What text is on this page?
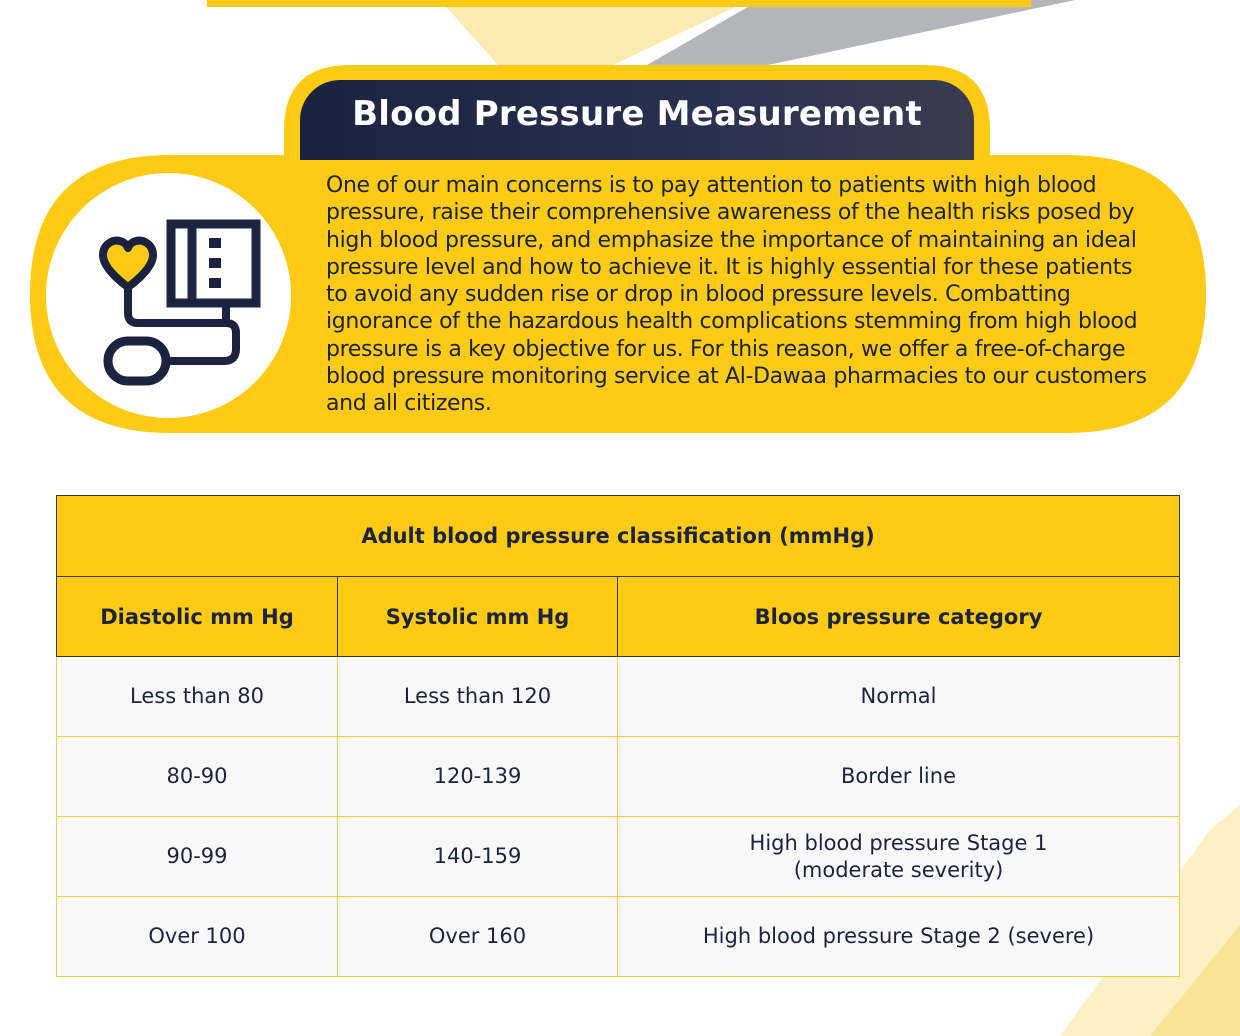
Blood Pressure Measurement

One of our main concerns is to pay attention to patients with high blood pressure, raise their comprehensive awareness of the health risks posed by high blood pressure, and emphasize the importance of maintaining an ideal pressure level and how to achieve it. It is highly essential for these patients to avoid any sudden rise or drop in blood pressure levels. Combatting ignorance of the hazardous health complications stemming from high blood pressure is a key objective for us. For this reason, we offer a free-of-charge blood pressure monitoring service at Al-Dawaa pharmacies to our customers and all citizens.

Adult blood pressure classification (mmHg)		
Diastolic mm Hg	Systolic mm Hg	Bloos pressure category
Less than 80	Less than 120	Normal
80-90	120-139	Border line
90-99	140-159	High blood pressure Stage 1 (moderate severity)
Over 100	Over 160	High blood pressure Stage 2 (severe)
